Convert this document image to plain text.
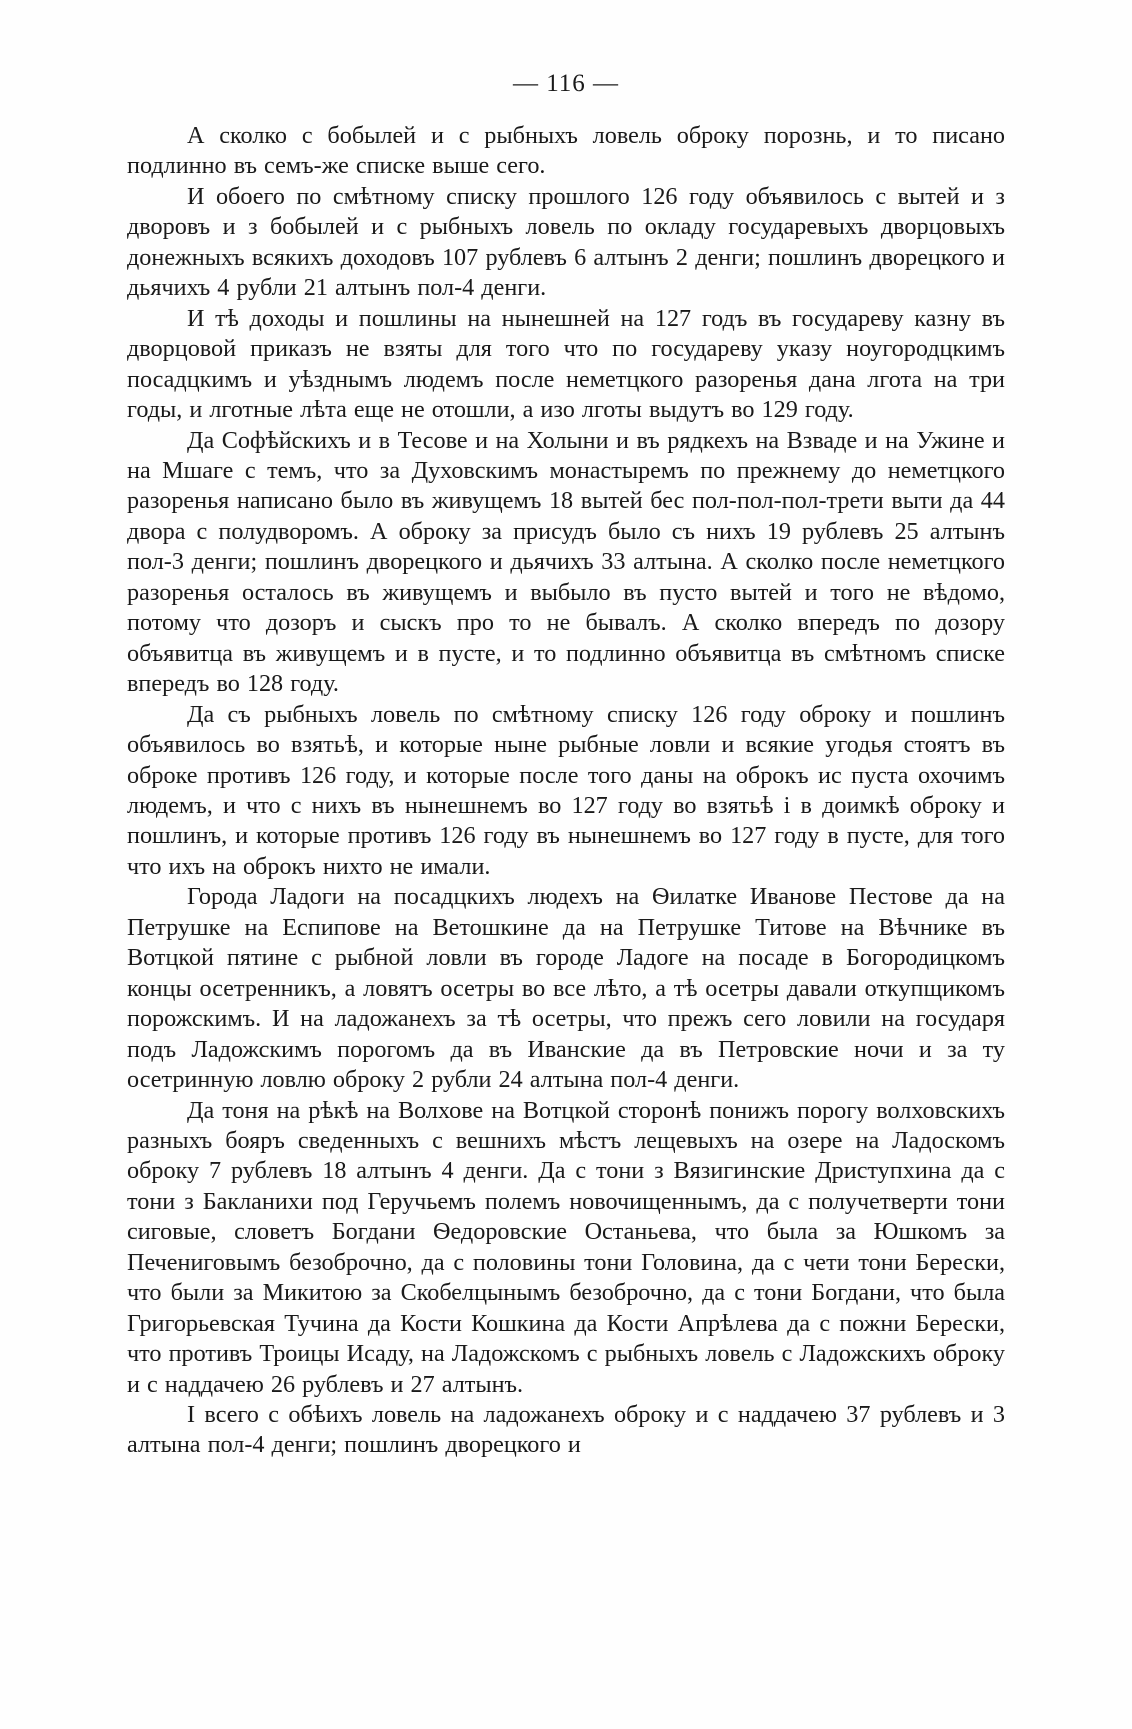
— 116 —

А сколко с бобылей и с рыбныхъ ловель оброку порознь, и то писано подлинно въ семъ-же списке выше сего.

И обоего по смѣтному списку прошлого 126 году объявилось с вытей и з дворовъ и з бобылей и с рыбныхъ ловель по окладу государевыхъ дворцовыхъ донежныхъ всякихъ доходовъ 107 рублевъ 6 алтынъ 2 денги; пошлинъ дворецкого и дьячихъ 4 рубли 21 алтынъ пол-4 денги.

И тѣ доходы и пошлины на нынешней на 127 годъ въ государеву казну въ дворцовой приказъ не взяты для того что по государеву указу ноугородцкимъ посадцкимъ и уѣзднымъ людемъ после неметцкого разоренья дана лгота на три годы, и лготные лѣта еще не отошли, а изо лготы выдутъ во 129 году.

Да Софѣйскихъ и в Тесове и на Холыни и въ рядкехъ на Взваде и на Ужине и на Мшаге с темъ, что за Духовскимъ монастыремъ по прежнему до неметцкого разоренья написано было въ живущемъ 18 вытей бес пол-пол-пол-трети выти да 44 двора с полудворомъ. А оброку за присудъ было съ нихъ 19 рублевъ 25 алтынъ пол-3 денги; пошлинъ дворецкого и дьячихъ 33 алтына. А сколко после неметцкого разоренья осталось въ живущемъ и выбыло въ пусто вытей и того не вѣдомо, потому что дозоръ и сыскъ про то не бывалъ. А сколко впередъ по дозору объявитца въ живущемъ и в пусте, и то подлинно объявитца въ смѣтномъ списке впередъ во 128 году.

Да съ рыбныхъ ловель по смѣтному списку 126 году оброку и пошлинъ объявилось во взятьѣ, и которые ныне рыбные ловли и всякие угодья стоятъ въ оброке противъ 126 году, и которые после того даны на оброкъ ис пуста охочимъ людемъ, и что с нихъ въ нынешнемъ во 127 году во взятьѣ і в доимкѣ оброку и пошлинъ, и которые противъ 126 году въ нынешнемъ во 127 году в пусте, для того что ихъ на оброкъ нихто не имали.

Города Ладоги на посадцкихъ людехъ на Ѳилатке Иванове Пестове да на Петрушке на Еспипове на Ветошкине да на Петрушке Титове на Вѣчнике въ Вотцкой пятине с рыбной ловли въ городе Ладоге на посаде в Богородицкомъ концы осетренникъ, а ловятъ осетры во все лѣто, а тѣ осетры давали откупщикомъ порожскимъ. И на ладожанехъ за тѣ осетры, что прежъ сего ловили на государя подъ Ладожскимъ порогомъ да въ Иванские да въ Петровские ночи и за ту осетринную ловлю оброку 2 рубли 24 алтына пол-4 денги.

Да тоня на рѣкѣ на Волхове на Вотцкой сторонѣ понижъ порогу волховскихъ разныхъ бояръ сведенныхъ с вешнихъ мѣстъ лещевыхъ на озере на Ладоскомъ оброку 7 рублевъ 18 алтынъ 4 денги. Да с тони з Вязигинские Дриступхина да с тони з Бакланихи под Геручьемъ полемъ новочищеннымъ, да с получетверти тони сиговые, словетъ Богдани Ѳедоровские Останьева, что была за Юшкомъ за Печениговымъ безоброчно, да с половины тони Головина, да с чети тони Берески, что были за Микитою за Скобелцынымъ безоброчно, да с тони Богдани, что была Григорьевская Тучина да Кости Кошкина да Кости Апрѣлева да с пожни Берески, что противъ Троицы Исаду, на Ладожскомъ с рыбныхъ ловель с Ладожскихъ оброку и с наддачею 26 рублевъ и 27 алтынъ.

І всего с обѣихъ ловель на ладожанехъ оброку и с наддачею 37 рублевъ и 3 алтына пол-4 денги; пошлинъ дворецкого и
